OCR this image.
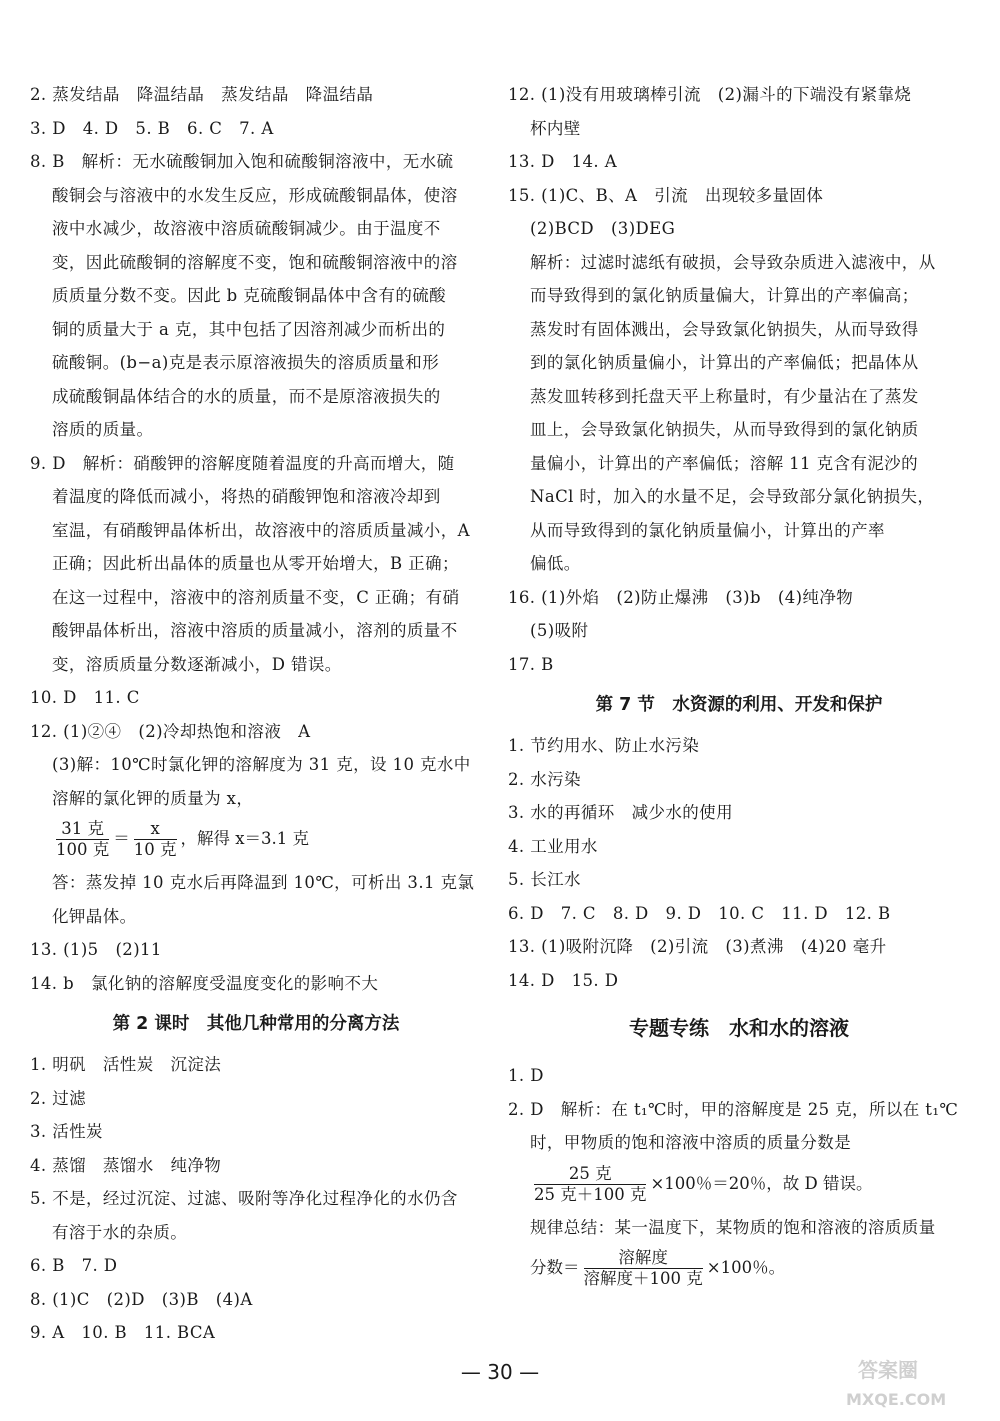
2. 蒸发结晶　降温结晶　蒸发结晶　降温结晶
3. D　4. D　5. B　6. C　7. A
8. B　解析：无水硫酸铜加入饱和硫酸铜溶液中，无水硫
酸铜会与溶液中的水发生反应，形成硫酸铜晶体，使溶
液中水减少，故溶液中溶质硫酸铜减少。由于温度不
变，因此硫酸铜的溶解度不变，饱和硫酸铜溶液中的溶
质质量分数不变。因此 b 克硫酸铜晶体中含有的硫酸
铜的质量大于 a 克，其中包括了因溶剂减少而析出的
硫酸铜。(b−a)克是表示原溶液损失的溶质质量和形
成硫酸铜晶体结合的水的质量，而不是原溶液损失的
溶质的质量。
9. D　解析：硝酸钾的溶解度随着温度的升高而增大，随
着温度的降低而减小，将热的硝酸钾饱和溶液冷却到
室温，有硝酸钾晶体析出，故溶液中的溶质质量减小，A
正确；因此析出晶体的质量也从零开始增大，B 正确；
在这一过程中，溶液中的溶剂质量不变，C 正确；有硝
酸钾晶体析出，溶液中溶质的质量减小，溶剂的质量不
变，溶质质量分数逐渐减小，D 错误。
10. D　11. C
12. (1)②④　(2)冷却热饱和溶液　A
(3)解：10℃时氯化钾的溶解度为 31 克，设 10 克水中
溶解的氯化钾的质量为 x，
$\frac{\text{31 克}}{\text{100 克}} = \frac{x}{\text{10 克}}$ ，解得 x＝3.1 克
答：蒸发掉 10 克水后再降温到 10℃，可析出 3.1 克氯
化钾晶体。
13. (1)5　(2)11
14. b　氯化钠的溶解度受温度变化的影响不大
第 2 课时　其他几种常用的分离方法
1. 明矾　活性炭　沉淀法
2. 过滤
3. 活性炭
4. 蒸馏　蒸馏水　纯净物
5. 不是，经过沉淀、过滤、吸附等净化过程净化的水仍含
有溶于水的杂质。
6. B　7. D
8. (1)C　(2)D　(3)B　(4)A
9. A　10. B　11. BCA
12. (1)没有用玻璃棒引流　(2)漏斗的下端没有紧靠烧
杯内壁
13. D　14. A
15. (1)C、B、A　引流　出现较多量固体
(2)BCD　(3)DEG
解析：过滤时滤纸有破损，会导致杂质进入滤液中，从
而导致得到的氯化钠质量偏大，计算出的产率偏高；
蒸发时有固体溅出，会导致氯化钠损失，从而导致得
到的氯化钠质量偏小，计算出的产率偏低；把晶体从
蒸发皿转移到托盘天平上称量时，有少量沾在了蒸发
皿上，会导致氯化钠损失，从而导致得到的氯化钠质
量偏小，计算出的产率偏低；溶解 11 克含有泥沙的
NaCl 时，加入的水量不足，会导致部分氯化钠损失，
从而导致得到的氯化钠质量偏小，计算出的产率
偏低。
16. (1)外焰　(2)防止爆沸　(3)b　(4)纯净物
(5)吸附
17. B
第 7 节　水资源的利用、开发和保护
1. 节约用水、防止水污染
2. 水污染
3. 水的再循环　减少水的使用
4. 工业用水
5. 长江水
6. D　7. C　8. D　9. D　10. C　11. D　12. B
13. (1)吸附沉降　(2)引流　(3)煮沸　(4)20 毫升
14. D　15. D
专题专练　水和水的溶液
1. D
2. D　解析：在 t₁℃时，甲的溶解度是 25 克，所以在 t₁℃
时，甲物质的饱和溶液中溶质的质量分数是
$\frac{\text{25 克}}{\text{25 克＋100 克}} \times 100$％＝20％，故 D 错误。
规律总结：某一温度下，某物质的饱和溶液的溶质质量
分数＝ $\frac{\text{溶解度}}{\text{溶解度＋100 克}} \times 100$％。
— 30 —	答案圈
MXQE.COM
